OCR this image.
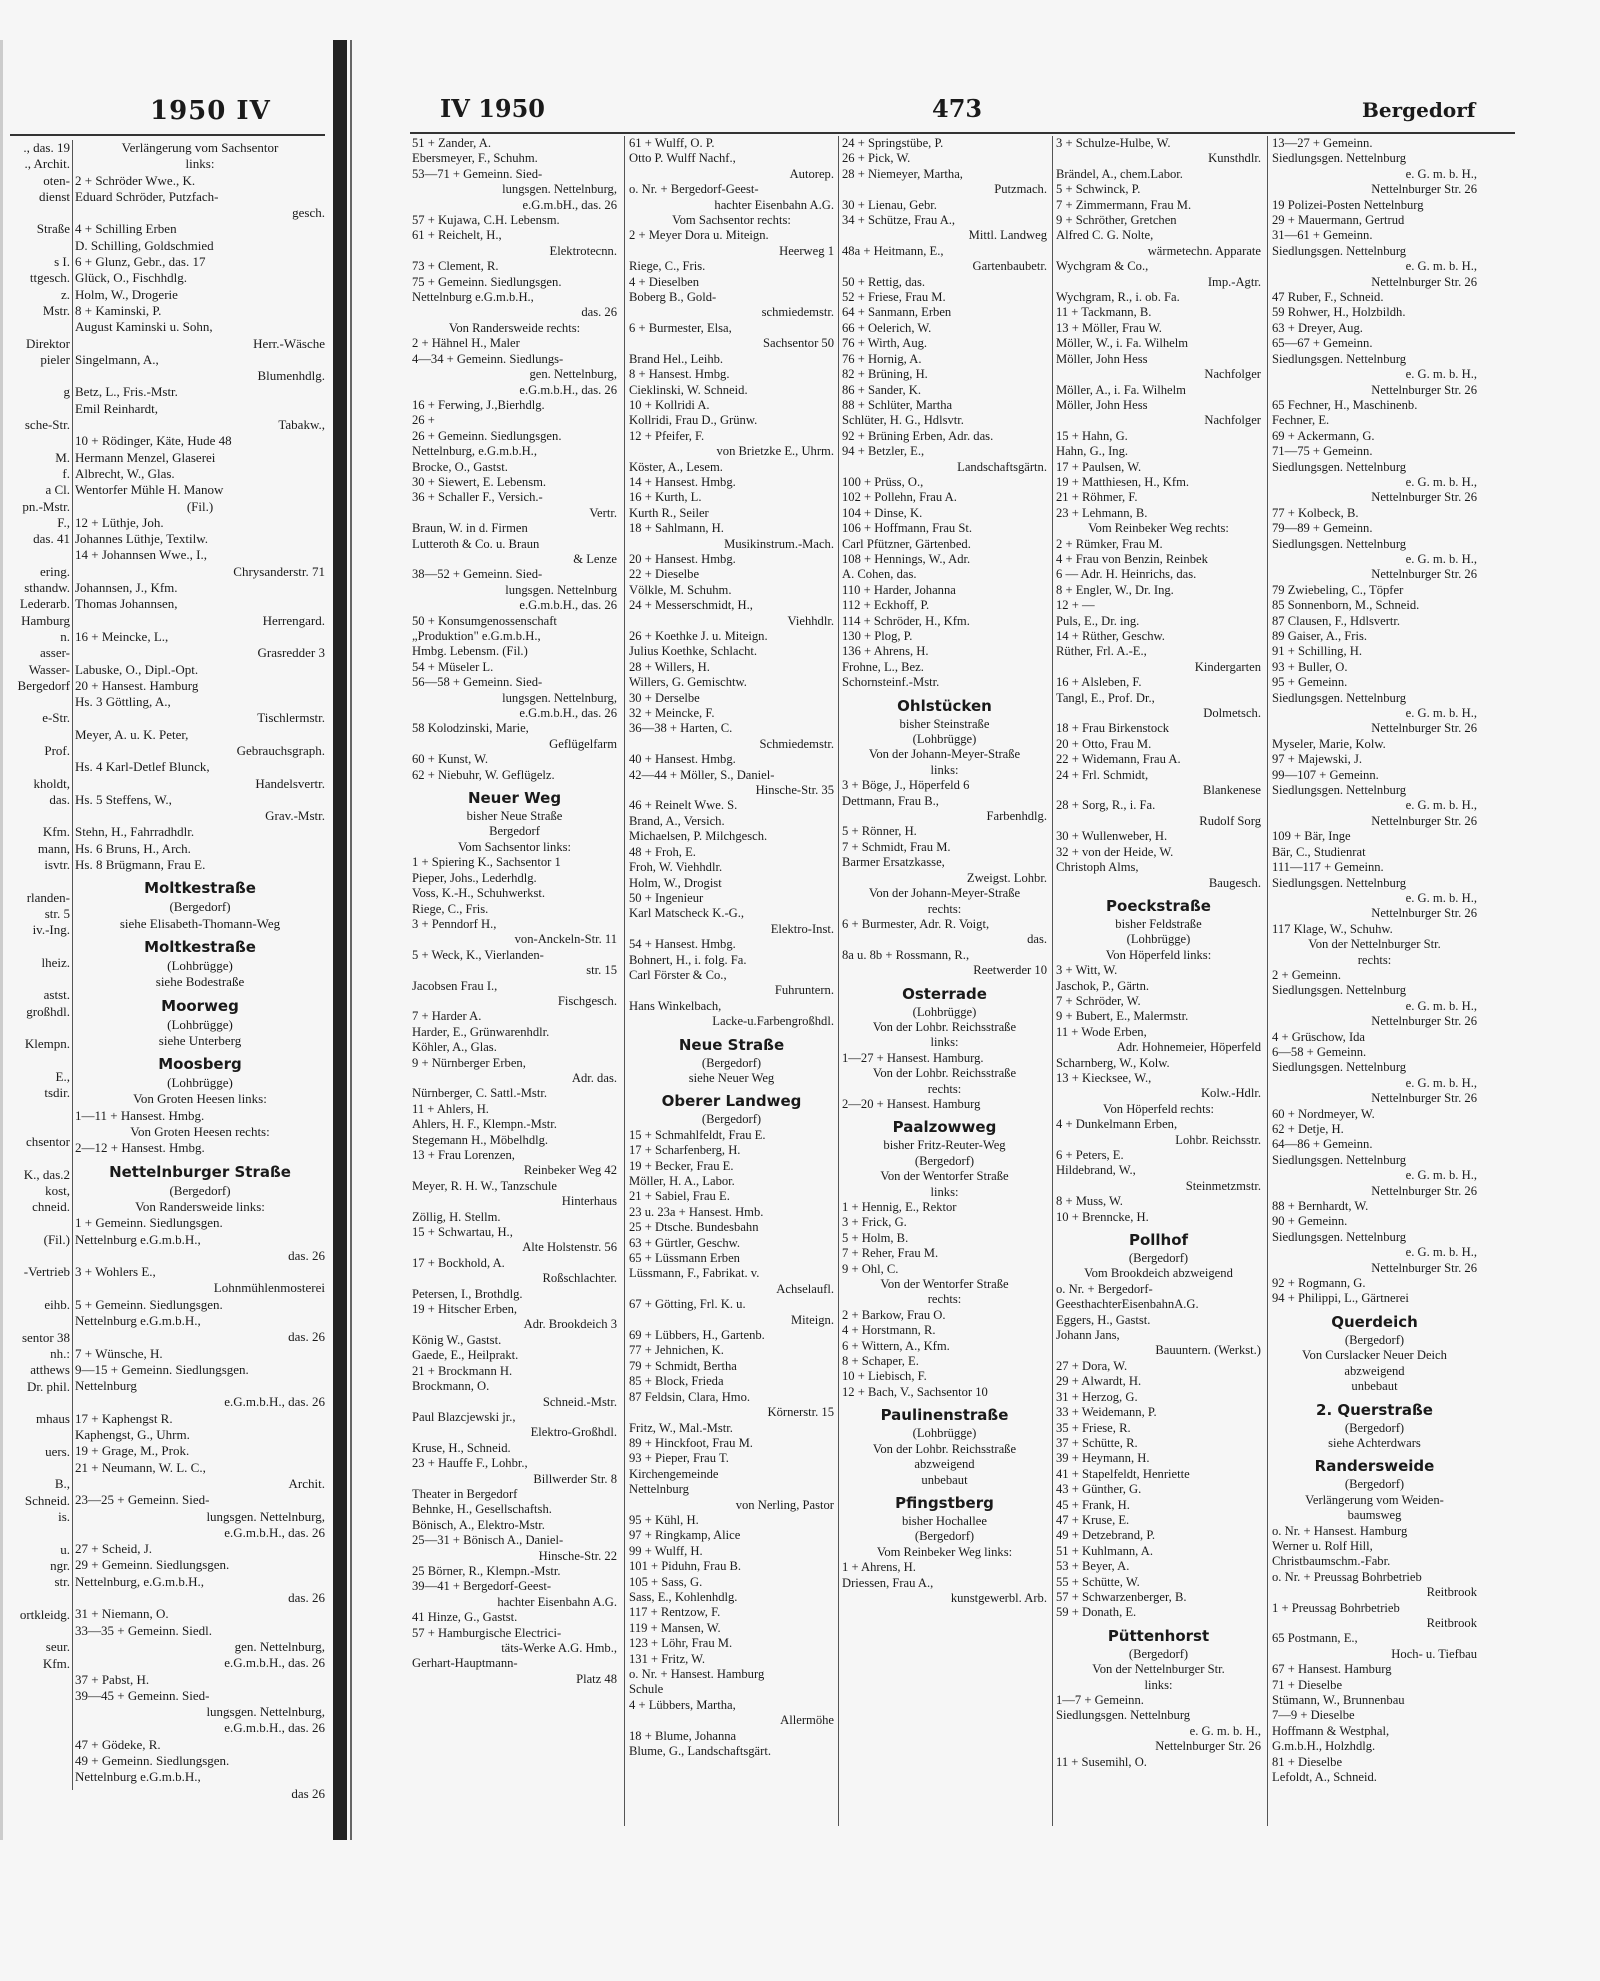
1950 IV
., das. 19
., Archit.
oten-
dienst

Straße

s I.
ttgesch.
z.
Mstr.

Direktor
pieler

g

sche-Str.

M.
f.
a Cl.
pn.-Mstr.
F.,
das. 41

ering.
sthandw.
Lederarb.
Hamburg
n.
asser-
Wasser-
Bergedorf

e-Str.

Prof.

kholdt,
das.

Kfm.
mann,
isvtr.

rlanden-
str. 5
iv.-Ing.

lheiz.

astst.
großhdl.

Klempn.

E.,
tsdir.

chsentor

K., das.2
kost,
chneid.

(Fil.)

-Vertrieb

eihb.

sentor 38
nh.:
atthews
Dr. phil.

mhaus

uers.

B.,
Schneid.
is.

u.
ngr.
str.

ortkleidg.

seur.
Kfm.
Verlängerung vom Sachsentor
links:
2 + Schröder Wwe., K.
Eduard Schröder, Putzfach-
gesch.
4 + Schilling Erben
D. Schilling, Goldschmied
6 + Glunz, Gebr., das. 17
Glück, O., Fischhdlg.
Holm, W., Drogerie
8 + Kaminski, P.
August Kaminski u. Sohn,
Herr.-Wäsche
Singelmann, A.,
Blumenhdlg.
Betz, L., Fris.-Mstr.
Emil Reinhardt,
Tabakw.,
10 + Rödinger, Käte, Hude 48
Hermann Menzel, Glaserei
Albrecht, W., Glas.
Wentorfer Mühle H. Manow
(Fil.)
12 + Lüthje, Joh.
Johannes Lüthje, Textilw.
14 + Johannsen Wwe., I.,
Chrysanderstr. 71
Johannsen, J., Kfm.
Thomas Johannsen,
Herrengard.
16 + Meincke, L.,
Grasredder 3
Labuske, O., Dipl.-Opt.
20 + Hansest. Hamburg
Hs. 3 Göttling, A.,
Tischlermstr.
Meyer, A. u. K. Peter,
Gebrauchsgraph.
Hs. 4 Karl-Detlef Blunck,
Handelsvertr.
Hs. 5 Steffens, W.,
Grav.-Mstr.
Stehn, H., Fahrradhdlr.
Hs. 6 Bruns, H., Arch.
Hs. 8 Brügmann, Frau E.
Moltkestraße
(Bergedorf)
siehe Elisabeth-Thomann-Weg
Moltkestraße
(Lohbrügge)
siehe Bodestraße
Moorweg
(Lohbrügge)
siehe Unterberg
Moosberg
(Lohbrügge)
Von Groten Heesen links:
1—11 + Hansest. Hmbg.
Von Groten Heesen rechts:
2—12 + Hansest. Hmbg.
Nettelnburger Straße
(Bergedorf)
Von Randersweide links:
1 + Gemeinn. Siedlungsgen.
Nettelnburg e.G.m.b.H.,
das. 26
3 + Wohlers E.,
Lohnmühlenmosterei
5 + Gemeinn. Siedlungsgen.
Nettelnburg e.G.m.b.H.,
das. 26
7 + Wünsche, H.
9—15 + Gemeinn. Siedlungsgen.
Nettelnburg
e.G.m.b.H., das. 26
17 + Kaphengst R.
Kaphengst, G., Uhrm.
19 + Grage, M., Prok.
21 + Neumann, W. L. C.,
Archit.
23—25 + Gemeinn. Sied-
lungsgen. Nettelnburg,
e.G.m.b.H., das. 26
27 + Scheid, J.
29 + Gemeinn. Siedlungsgen.
Nettelnburg, e.G.m.b.H.,
das. 26
31 + Niemann, O.
33—35 + Gemeinn. Siedl.
gen. Nettelnburg,
e.G.m.b.H., das. 26
37 + Pabst, H.
39—45 + Gemeinn. Sied-
lungsgen. Nettelnburg,
e.G.m.b.H., das. 26
47 + Gödeke, R.
49 + Gemeinn. Siedlungsgen.
Nettelnburg e.G.m.b.H.,
das 26
IV 1950	473	Bergedorf
51 + Zander, A.
Ebersmeyer, F., Schuhm.
53—71 + Gemeinn. Sied-
lungsgen. Nettelnburg,
e.G.m.bH., das. 26
57 + Kujawa, C.H. Lebensm.
61 + Reichelt, H.,
Elektrotecnn.
73 + Clement, R.
75 + Gemeinn. Siedlungsgen.
Nettelnburg e.G.m.b.H.,
das. 26
Von Randersweide rechts:
2 + Hähnel H., Maler
4—34 + Gemeinn. Siedlungs-
gen. Nettelnburg,
e.G.m.b.H., das. 26
16 + Ferwing, J.,Bierhdlg.
26 +
26 + Gemeinn. Siedlungsgen.
Nettelnburg, e.G.m.b.H.,
Brocke, O., Gastst.
30 + Siewert, E. Lebensm.
36 + Schaller F., Versich.-
Vertr.
Braun, W. in d. Firmen
Lutteroth & Co. u. Braun
& Lenze
38—52 + Gemeinn. Sied-
lungsgen. Nettelnburg
e.G.m.b.H., das. 26
50 + Konsumgenossenschaft
„Produktion" e.G.m.b.H.,
Hmbg. Lebensm. (Fil.)
54 + Müseler L.
56—58 + Gemeinn. Sied-
lungsgen. Nettelnburg,
e.G.m.b.H., das. 26
58 Kolodzinski, Marie,
Geflügelfarm
60 + Kunst, W.
62 + Niebuhr, W. Geflügelz.
Neuer Weg
bisher Neue Straße
Bergedorf
Vom Sachsentor links:
1 + Spiering K., Sachsentor 1
Pieper, Johs., Lederhdlg.
Voss, K.-H., Schuhwerkst.
Riege, C., Fris.
3 + Penndorf H.,
von-Anckeln-Str. 11
5 + Weck, K., Vierlanden-
str. 15
Jacobsen Frau I.,
Fischgesch.
7 + Harder A.
Harder, E., Grünwarenhdlr.
Köhler, A., Glas.
9 + Nürnberger Erben,
Adr. das.
Nürnberger, C. Sattl.-Mstr.
11 + Ahlers, H.
Ahlers, H. F., Klempn.-Mstr.
Stegemann H., Möbelhdlg.
13 + Frau Lorenzen,
Reinbeker Weg 42
Meyer, R. H. W., Tanzschule
Hinterhaus
Zöllig, H. Stellm.
15 + Schwartau, H.,
Alte Holstenstr. 56
17 + Bockhold, A.
Roßschlachter.
Petersen, I., Brothdlg.
19 + Hitscher Erben,
Adr. Brookdeich 3
König W., Gastst.
Gaede, E., Heilprakt.
21 + Brockmann H.
Brockmann, O.
Schneid.-Mstr.
Paul Blazcjewski jr.,
Elektro-Großhdl.
Kruse, H., Schneid.
23 + Hauffe F., Lohbr.,
Billwerder Str. 8
Theater in Bergedorf
Behnke, H., Gesellschaftsh.
Bönisch, A., Elektro-Mstr.
25—31 + Bönisch A., Daniel-
Hinsche-Str. 22
25 Börner, R., Klempn.-Mstr.
39—41 + Bergedorf-Geest-
hachter Eisenbahn A.G.
41 Hinze, G., Gastst.
57 + Hamburgische Electrici-
täts-Werke A.G. Hmb.,
Gerhart-Hauptmann-
Platz 48
61 + Wulff, O. P.
Otto P. Wulff Nachf.,
Autorep.
o. Nr. + Bergedorf-Geest-
hachter Eisenbahn A.G.
Vom Sachsentor rechts:
2 + Meyer Dora u. Miteign.
Heerweg 1
Riege, C., Fris.
4 + Dieselben
Boberg B., Gold-
schmiedemstr.
6 + Burmester, Elsa,
Sachsentor 50
Brand Hel., Leihb.
8 + Hansest. Hmbg.
Cieklinski, W. Schneid.
10 + Kollridi A.
Kollridi, Frau D., Grünw.
12 + Pfeifer, F.
von Brietzke E., Uhrm.
Köster, A., Lesem.
14 + Hansest. Hmbg.
16 + Kurth, L.
Kurth R., Seiler
18 + Sahlmann, H.
Musikinstrum.-Mach.
20 + Hansest. Hmbg.
22 + Dieselbe
Völkle, M. Schuhm.
24 + Messerschmidt, H.,
Viehhdlr.
26 + Koethke J. u. Miteign.
Julius Koethke, Schlacht.
28 + Willers, H.
Willers, G. Gemischtw.
30 + Derselbe
32 + Meincke, F.
36—38 + Harten, C.
Schmiedemstr.
40 + Hansest. Hmbg.
42—44 + Möller, S., Daniel-
Hinsche-Str. 35
46 + Reinelt Wwe. S.
Brand, A., Versich.
Michaelsen, P. Milchgesch.
48 + Froh, E.
Froh, W. Viehhdlr.
Holm, W., Drogist
50 + Ingenieur
Karl Matscheck K.-G.,
Elektro-Inst.
54 + Hansest. Hmbg.
Bohnert, H., i. folg. Fa.
Carl Förster & Co.,
Fuhruntern.
Hans Winkelbach,
Lacke-u.Farbengroßhdl.
Neue Straße
(Bergedorf)
siehe Neuer Weg
Oberer Landweg
(Bergedorf)
15 + Schmahlfeldt, Frau E.
17 + Scharfenberg, H.
19 + Becker, Frau E.
Möller, H. A., Labor.
21 + Sabiel, Frau E.
23 u. 23a + Hansest. Hmb.
25 + Dtsche. Bundesbahn
63 + Gürtler, Geschw.
65 + Lüssmann Erben
Lüssmann, F., Fabrikat. v.
Achselaufl.
67 + Götting, Frl. K. u.
Miteign.
69 + Lübbers, H., Gartenb.
77 + Jehnichen, K.
79 + Schmidt, Bertha
85 + Block, Frieda
87 Feldsin, Clara, Hmo.
Körnerstr. 15
Fritz, W., Mal.-Mstr.
89 + Hinckfoot, Frau M.
93 + Pieper, Frau T.
Kirchengemeinde
Nettelnburg
von Nerling, Pastor
95 + Kühl, H.
97 + Ringkamp, Alice
99 + Wulff, H.
101 + Piduhn, Frau B.
105 + Sass, G.
Sass, E., Kohlenhdlg.
117 + Rentzow, F.
119 + Mansen, W.
123 + Löhr, Frau M.
131 + Fritz, W.
o. Nr. + Hansest. Hamburg
Schule
4 + Lübbers, Martha,
Allermöhe
18 + Blume, Johanna
Blume, G., Landschaftsgärt.
24 + Springstübe, P.
26 + Pick, W.
28 + Niemeyer, Martha,
Putzmach.
30 + Lienau, Gebr.
34 + Schütze, Frau A.,
Mittl. Landweg
48a + Heitmann, E.,
Gartenbaubetr.
50 + Rettig, das.
52 + Friese, Frau M.
64 + Sanmann, Erben
66 + Oelerich, W.
76 + Wirth, Aug.
76 + Hornig, A.
82 + Brüning, H.
86 + Sander, K.
88 + Schlüter, Martha
Schlüter, H. G., Hdlsvtr.
92 + Brüning Erben, Adr. das.
94 + Betzler, E.,
Landschaftsgärtn.
100 + Prüss, O.,
102 + Pollehn, Frau A.
104 + Dinse, K.
106 + Hoffmann, Frau St.
Carl Pfützner, Gärtenbed.
108 + Hennings, W., Adr.
A. Cohen, das.
110 + Harder, Johanna
112 + Eckhoff, P.
114 + Schröder, H., Kfm.
130 + Plog, P.
136 + Ahrens, H.
Frohne, L., Bez.
Schornsteinf.-Mstr.
Ohlstücken
bisher Steinstraße
(Lohbrügge)
Von der Johann-Meyer-Straße
links:
3 + Böge, J., Höperfeld 6
Dettmann, Frau B.,
Farbenhdlg.
5 + Rönner, H.
7 + Schmidt, Frau M.
Barmer Ersatzkasse,
Zweigst. Lohbr.
Von der Johann-Meyer-Straße
rechts:
6 + Burmester, Adr. R. Voigt,
das.
8a u. 8b + Rossmann, R.,
Reetwerder 10
Osterrade
(Lohbrügge)
Von der Lohbr. Reichsstraße
links:
1—27 + Hansest. Hamburg.
Von der Lohbr. Reichsstraße
rechts:
2—20 + Hansest. Hamburg
Paalzowweg
bisher Fritz-Reuter-Weg
(Bergedorf)
Von der Wentorfer Straße
links:
1 + Hennig, E., Rektor
3 + Frick, G.
5 + Holm, B.
7 + Reher, Frau M.
9 + Ohl, C.
Von der Wentorfer Straße
rechts:
2 + Barkow, Frau O.
4 + Horstmann, R.
6 + Wittern, A., Kfm.
8 + Schaper, E.
10 + Liebisch, F.
12 + Bach, V., Sachsentor 10
Paulinenstraße
(Lohbrügge)
Von der Lohbr. Reichsstraße
abzweigend
unbebaut
Pfingstberg
bisher Hochallee
(Bergedorf)
Vom Reinbeker Weg links:
1 + Ahrens, H.
Driessen, Frau A.,
kunstgewerbl. Arb.
3 + Schulze-Hulbe, W.
Kunsthdlr.
Brändel, A., chem.Labor.
5 + Schwinck, P.
7 + Zimmermann, Frau M.
9 + Schröther, Gretchen
Alfred C. G. Nolte,
wärmetechn. Apparate
Wychgram & Co.,
Imp.-Agtr.
Wychgram, R., i. ob. Fa.
11 + Tackmann, B.
13 + Möller, Frau W.
Möller, W., i. Fa. Wilhelm
Möller, John Hess
Nachfolger
Möller, A., i. Fa. Wilhelm
Möller, John Hess
Nachfolger
15 + Hahn, G.
Hahn, G., Ing.
17 + Paulsen, W.
19 + Matthiesen, H., Kfm.
21 + Röhmer, F.
23 + Lehmann, B.
Vom Reinbeker Weg rechts:
2 + Rümker, Frau M.
4 + Frau von Benzin, Reinbek
6 — Adr. H. Heinrichs, das.
8 + Engler, W., Dr. Ing.
12 + —
Puls, E., Dr. ing.
14 + Rüther, Geschw.
Rüther, Frl. A.-E.,
Kindergarten
16 + Alsleben, F.
Tangl, E., Prof. Dr.,
Dolmetsch.
18 + Frau Birkenstock
20 + Otto, Frau M.
22 + Widemann, Frau A.
24 + Frl. Schmidt,
Blankenese
28 + Sorg, R., i. Fa.
Rudolf Sorg
30 + Wullenweber, H.
32 + von der Heide, W.
Christoph Alms,
Baugesch.
Poeckstraße
bisher Feldstraße
(Lohbrügge)
Von Höperfeld links:
3 + Witt, W.
Jaschok, P., Gärtn.
7 + Schröder, W.
9 + Bubert, E., Malermstr.
11 + Wode Erben,
Adr. Hohnemeier, Höperfeld
Scharnberg, W., Kolw.
13 + Kiecksee, W.,
Kolw.-Hdlr.
Von Höperfeld rechts:
4 + Dunkelmann Erben,
Lohbr. Reichsstr.
6 + Peters, E.
Hildebrand, W.,
Steinmetzmstr.
8 + Muss, W.
10 + Brenncke, H.
Pollhof
(Bergedorf)
Vom Brookdeich abzweigend
o. Nr. + Bergedorf-
GeesthachterEisenbahnA.G.
Eggers, H., Gastst.
Johann Jans,
Bauuntern. (Werkst.)
27 + Dora, W.
29 + Alwardt, H.
31 + Herzog, G.
33 + Weidemann, P.
35 + Friese, R.
37 + Schütte, R.
39 + Heymann, H.
41 + Stapelfeldt, Henriette
43 + Günther, G.
45 + Frank, H.
47 + Kruse, E.
49 + Detzebrand, P.
51 + Kuhlmann, A.
53 + Beyer, A.
55 + Schütte, W.
57 + Schwarzenberger, B.
59 + Donath, E.
Püttenhorst
(Bergedorf)
Von der Nettelnburger Str.
links:
1—7 + Gemeinn.
Siedlungsgen. Nettelnburg
e. G. m. b. H.,
Nettelnburger Str. 26
11 + Susemihl, O.
13—27 + Gemeinn.
Siedlungsgen. Nettelnburg
e. G. m. b. H.,
Nettelnburger Str. 26
19 Polizei-Posten Nettelnburg
29 + Mauermann, Gertrud
31—61 + Gemeinn.
Siedlungsgen. Nettelnburg
e. G. m. b. H.,
Nettelnburger Str. 26
47 Ruber, F., Schneid.
59 Rohwer, H., Holzbildh.
63 + Dreyer, Aug.
65—67 + Gemeinn.
Siedlungsgen. Nettelnburg
e. G. m. b. H.,
Nettelnburger Str. 26
65 Fechner, H., Maschinenb.
Fechner, E.
69 + Ackermann, G.
71—75 + Gemeinn.
Siedlungsgen. Nettelnburg
e. G. m. b. H.,
Nettelnburger Str. 26
77 + Kolbeck, B.
79—89 + Gemeinn.
Siedlungsgen. Nettelnburg
e. G. m. b. H.,
Nettelnburger Str. 26
79 Zwiebeling, C., Töpfer
85 Sonnenborn, M., Schneid.
87 Clausen, F., Hdlsvertr.
89 Gaiser, A., Fris.
91 + Schilling, H.
93 + Buller, O.
95 + Gemeinn.
Siedlungsgen. Nettelnburg
e. G. m. b. H.,
Nettelnburger Str. 26
Myseler, Marie, Kolw.
97 + Majewski, J.
99—107 + Gemeinn.
Siedlungsgen. Nettelnburg
e. G. m. b. H.,
Nettelnburger Str. 26
109 + Bär, Inge
Bär, C., Studienrat
111—117 + Gemeinn.
Siedlungsgen. Nettelnburg
e. G. m. b. H.,
Nettelnburger Str. 26
117 Klage, W., Schuhw.
Von der Nettelnburger Str.
rechts:
2 + Gemeinn.
Siedlungsgen. Nettelnburg
e. G. m. b. H.,
Nettelnburger Str. 26
4 + Grüschow, Ida
6—58 + Gemeinn.
Siedlungsgen. Nettelnburg
e. G. m. b. H.,
Nettelnburger Str. 26
60 + Nordmeyer, W.
62 + Detje, H.
64—86 + Gemeinn.
Siedlungsgen. Nettelnburg
e. G. m. b. H.,
Nettelnburger Str. 26
88 + Bernhardt, W.
90 + Gemeinn.
Siedlungsgen. Nettelnburg
e. G. m. b. H.,
Nettelnburger Str. 26
92 + Rogmann, G.
94 + Philippi, L., Gärtnerei
Querdeich
(Bergedorf)
Von Curslacker Neuer Deich
abzweigend
unbebaut
2. Querstraße
(Bergedorf)
siehe Achterdwars
Randersweide
(Bergedorf)
Verlängerung vom Weiden-
baumsweg
o. Nr. + Hansest. Hamburg
Werner u. Rolf Hill,
Christbaumschm.-Fabr.
o. Nr. + Preussag Bohrbetrieb
Reitbrook
1 + Preussag Bohrbetrieb
Reitbrook
65 Postmann, E.,
Hoch- u. Tiefbau
67 + Hansest. Hamburg
71 + Dieselbe
Stümann, W., Brunnenbau
7—9 + Dieselbe
Hoffmann & Westphal,
G.m.b.H., Holzhdlg.
81 + Dieselbe
Lefoldt, A., Schneid.
